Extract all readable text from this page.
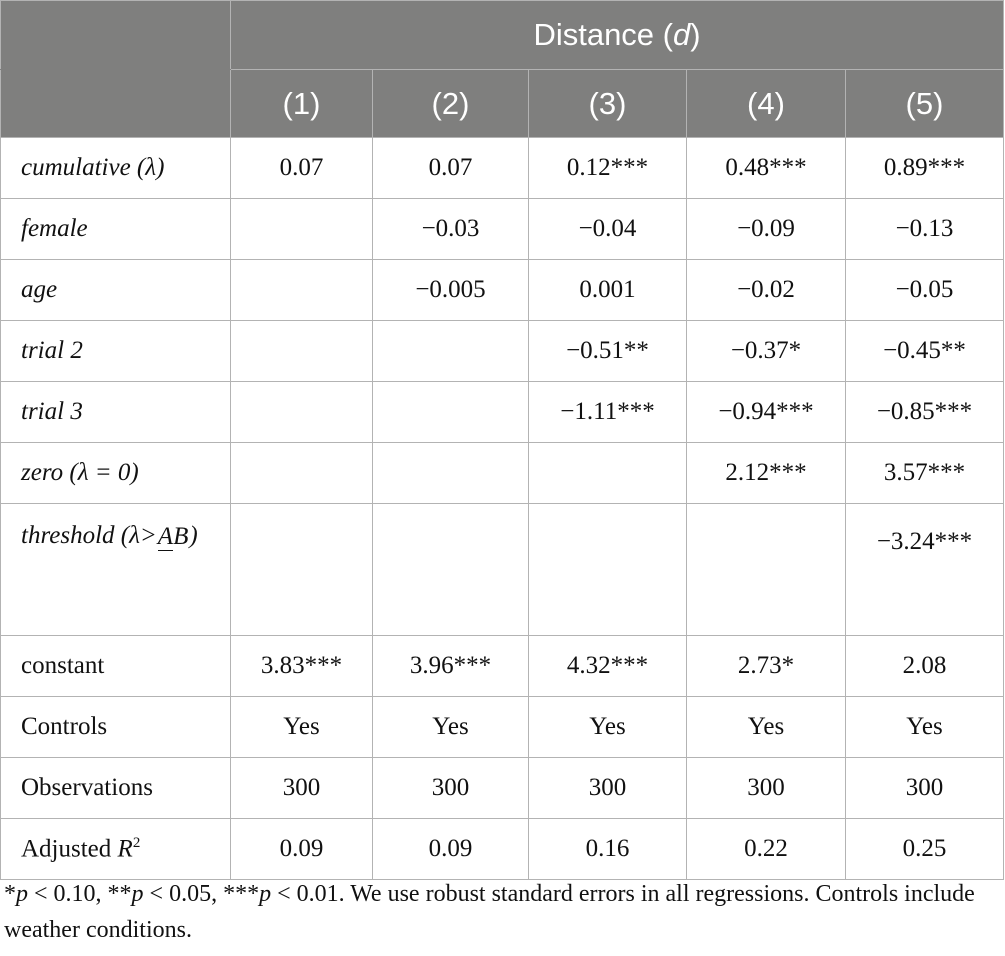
	Distance (d)				
	(1)	(2)	(3)	(4)	(5)
cumulative (λ)	0.07	0.07	0.12***	0.48***	0.89***
female		−0.03	−0.04	−0.09	−0.13
age		−0.005	0.001	−0.02	−0.05
trial 2			−0.51**	−0.37*	−0.45**
trial 3			−1.11***	−0.94***	−0.85***
zero (λ = 0)				2.12***	3.57***
threshold (λ>AB)					−3.24***
constant	3.83***	3.96***	4.32***	2.73*	2.08
Controls	Yes	Yes	Yes	Yes	Yes
Observations	300	300	300	300	300
Adjusted $R^2$	0.09	0.09	0.16	0.22	0.25
*p < 0.10, **p < 0.05, ***p < 0.01. We use robust standard errors in all regressions. Controls include weather conditions.
